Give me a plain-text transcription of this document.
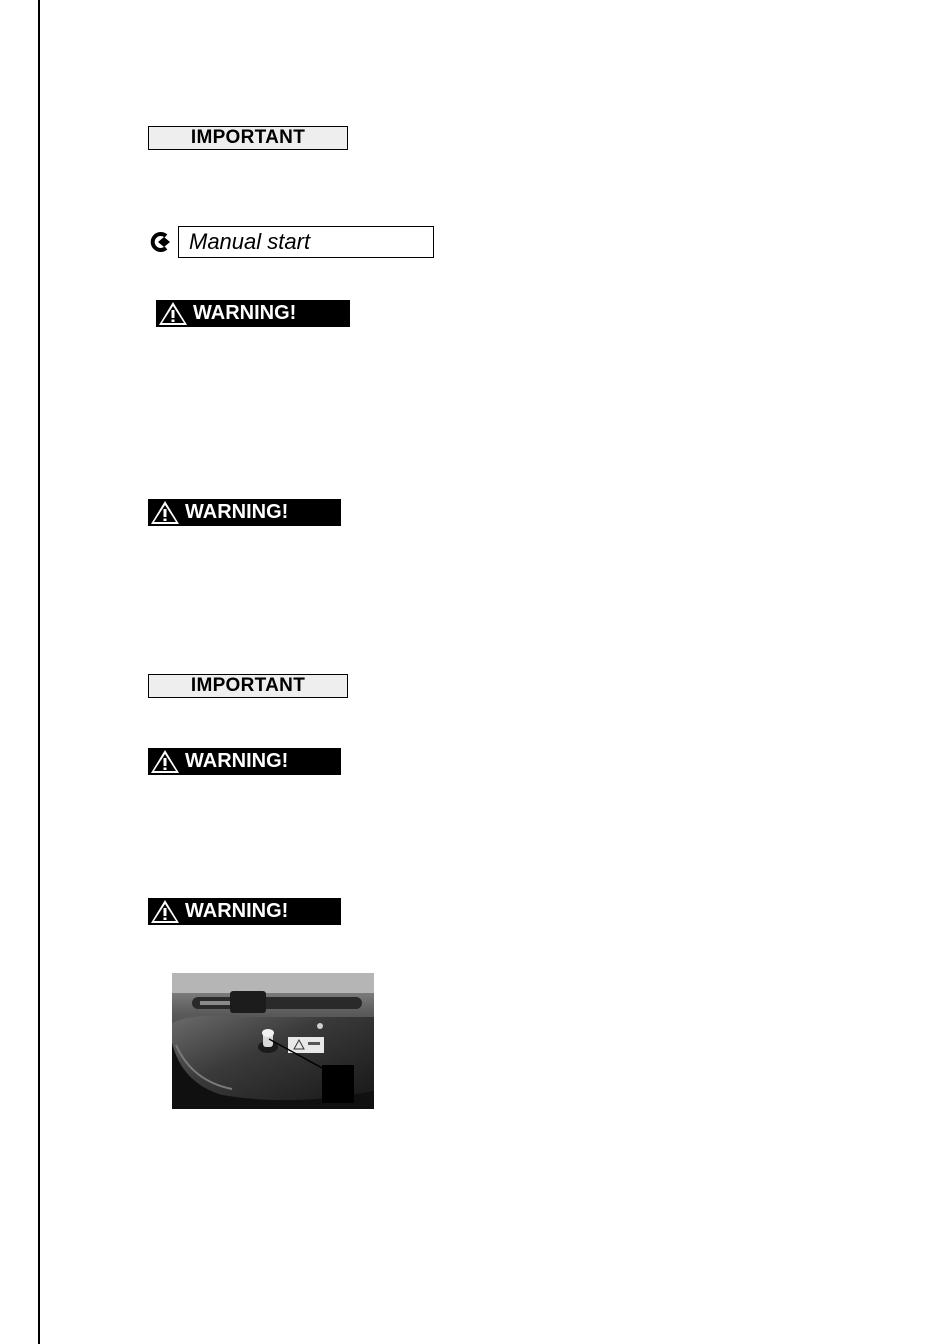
IMPORTANT
Manual start
WARNING!
WARNING!
IMPORTANT
WARNING!
WARNING!
